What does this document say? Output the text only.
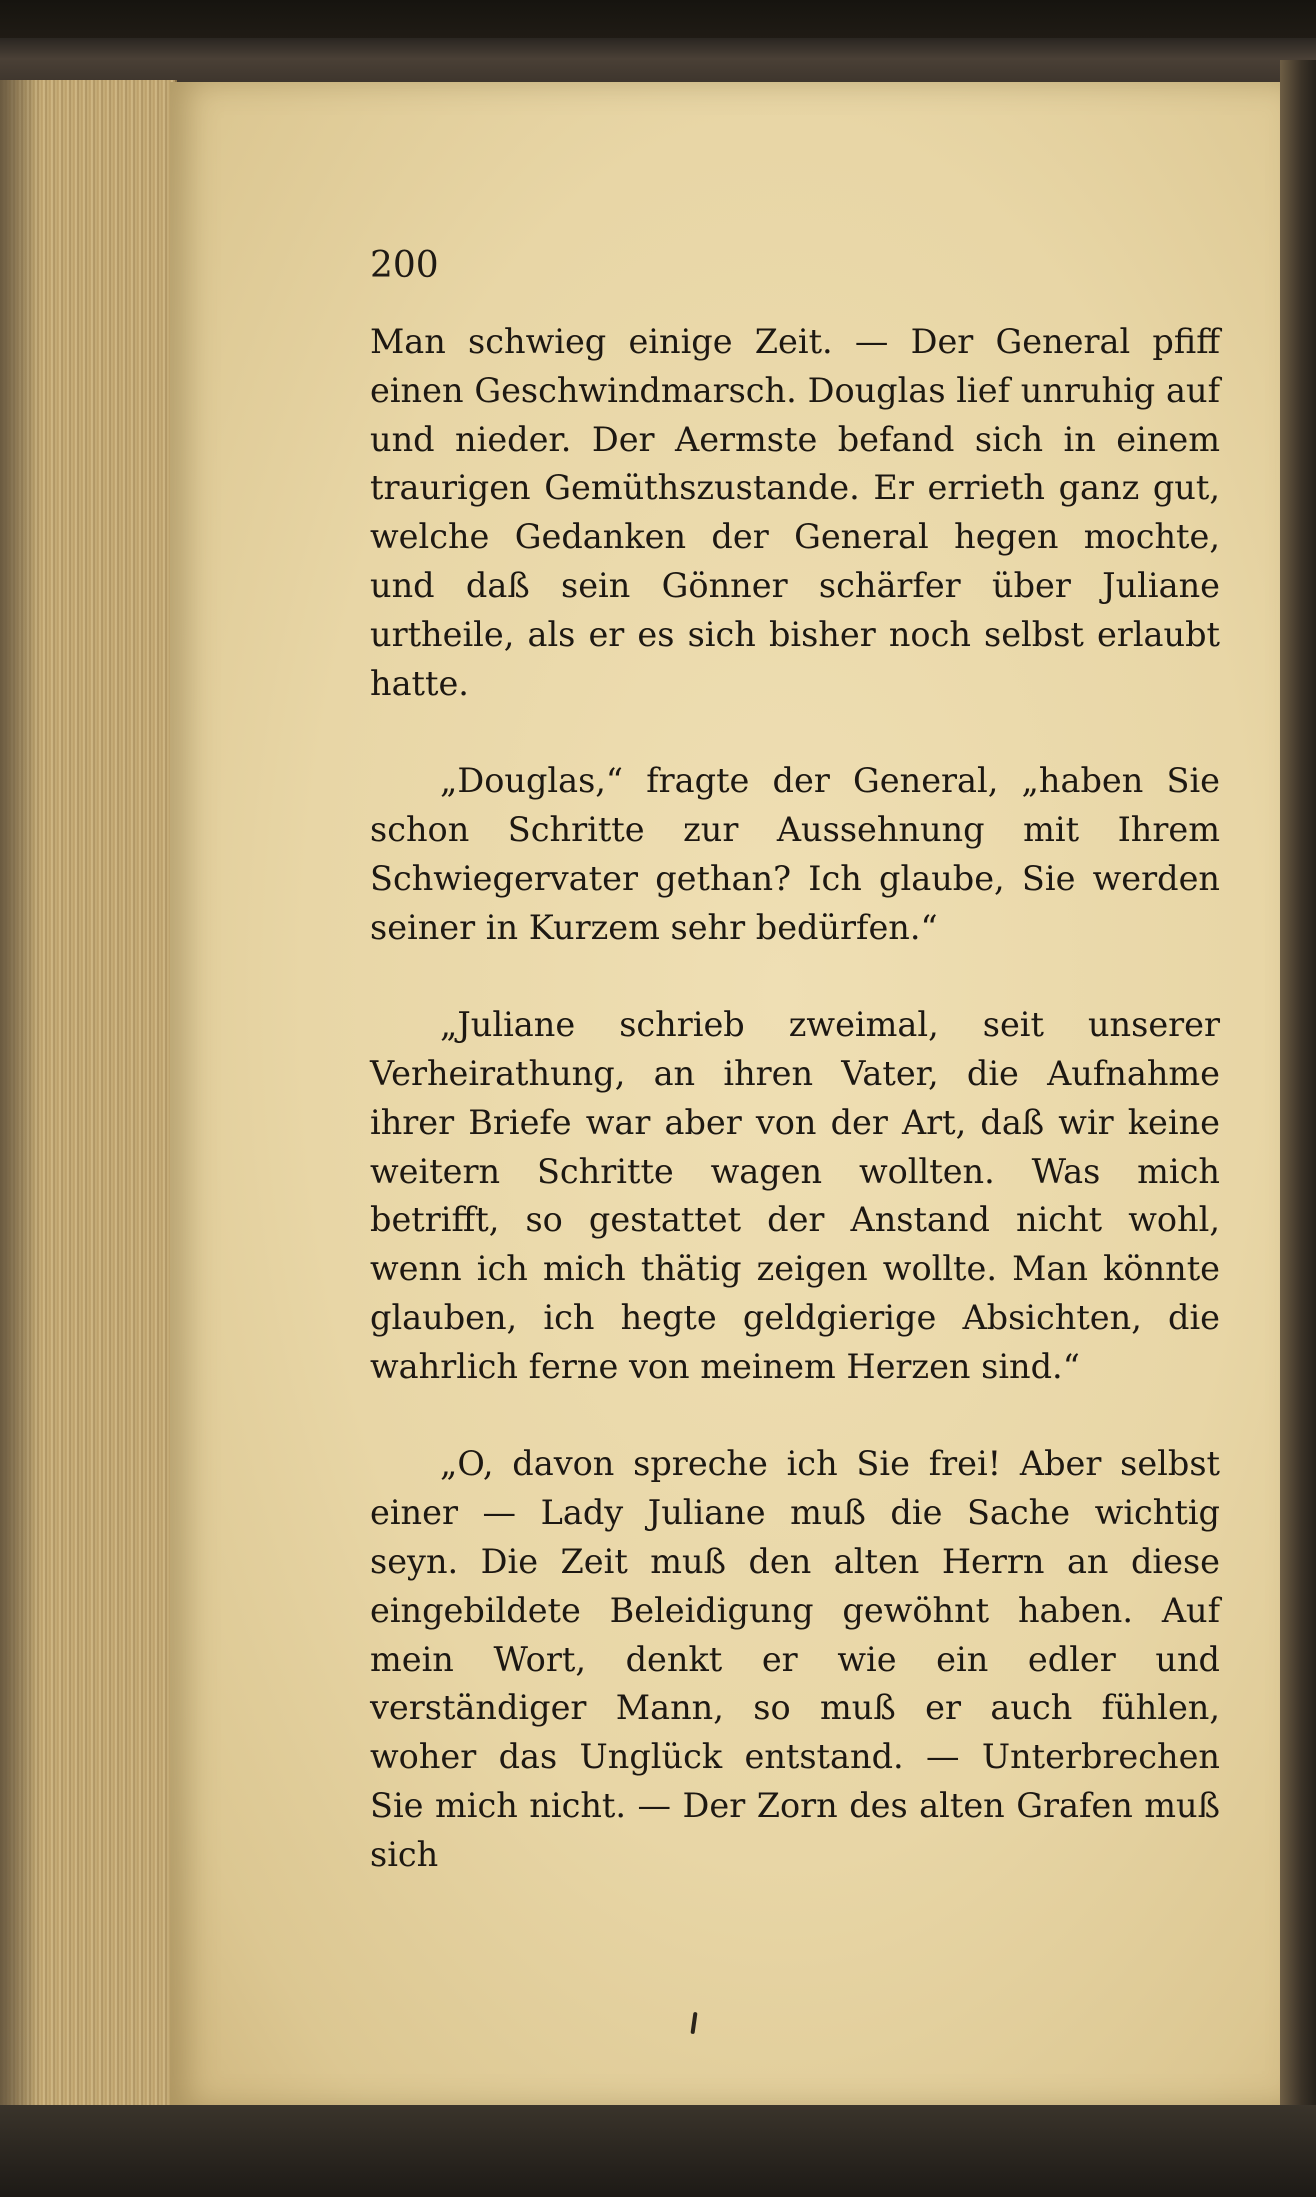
200

Man schwieg einige Zeit. — Der General pfiff einen Geschwindmarsch. Douglas lief unruhig auf und nieder. Der Aermste befand sich in einem traurigen Gemüthszustande. Er errieth ganz gut, welche Gedanken der General hegen mochte, und daß sein Gönner schärfer über Juliane urtheile, als er es sich bisher noch selbst erlaubt hatte.

„Douglas,“ fragte der General, „haben Sie schon Schritte zur Aussehnung mit Ihrem Schwiegervater gethan? Ich glaube, Sie werden seiner in Kurzem sehr bedürfen.“

„Juliane schrieb zweimal, seit unserer Verheirathung, an ihren Vater, die Aufnahme ihrer Briefe war aber von der Art, daß wir keine weitern Schritte wagen wollten. Was mich betrifft, so gestattet der Anstand nicht wohl, wenn ich mich thätig zeigen wollte. Man könnte glauben, ich hegte geldgierige Absichten, die wahrlich ferne von meinem Herzen sind.“

„O, davon spreche ich Sie frei! Aber selbst einer — Lady Juliane muß die Sache wichtig seyn. Die Zeit muß den alten Herrn an diese eingebildete Beleidigung gewöhnt haben. Auf mein Wort, denkt er wie ein edler und verständiger Mann, so muß er auch fühlen, woher das Unglück entstand. — Unterbrechen Sie mich nicht. — Der Zorn des alten Grafen muß sich
